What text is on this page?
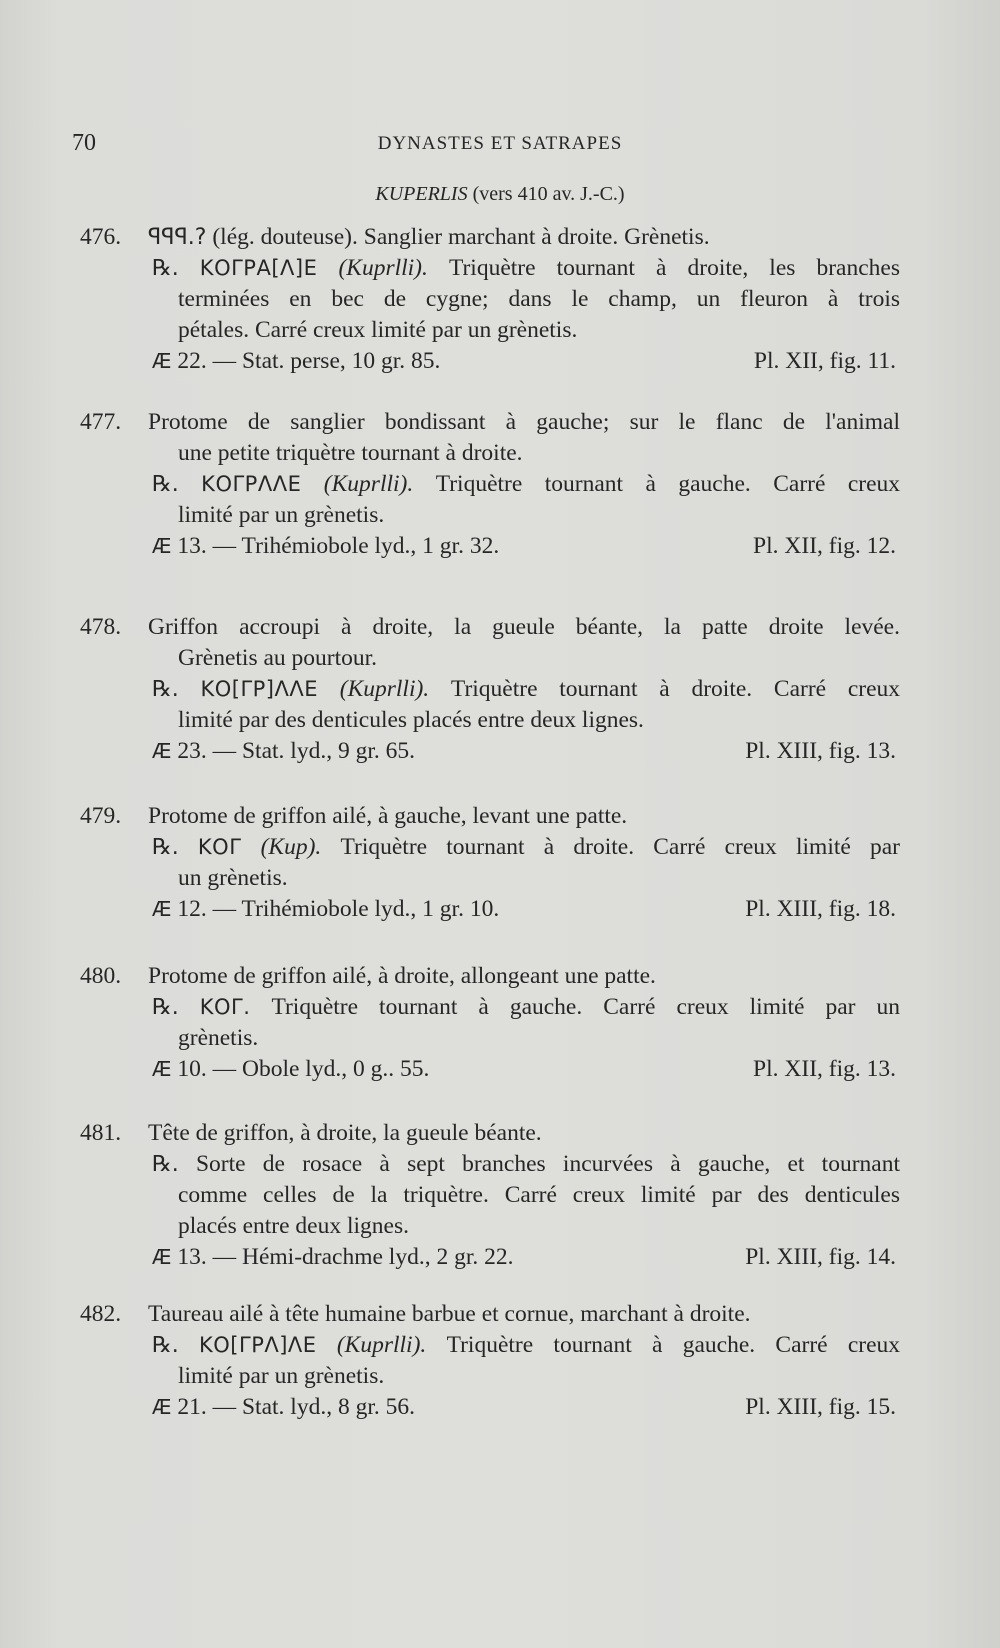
70	DYNASTES ET SATRAPES
KUPERLIS (vers 410 av. J.-C.)
476. ꟼꟼꟼ.? (lég. douteuse). Sanglier marchant à droite. Grènetis.
℞. ΚΟΓΡΑ[Λ]Ε (Kuprlli). Triquètre tournant à droite, les branches
terminées en bec de cygne; dans le champ, un fleuron à trois
pétales. Carré creux limité par un grènetis.
Æ 22. — Stat. perse, 10 gr. 85.	Pl. XII, fig. 11.
477. Protome de sanglier bondissant à gauche; sur le flanc de l'animal
une petite triquètre tournant à droite.
℞. ΚΟΓΡΛΛΕ (Kuprlli). Triquètre tournant à gauche. Carré creux
limité par un grènetis.
Æ 13. — Trihémiobole lyd., 1 gr. 32.	Pl. XII, fig. 12.
478. Griffon accroupi à droite, la gueule béante, la patte droite levée.
Grènetis au pourtour.
℞. ΚΟ[ΓΡ]ΛΛΕ (Kuprlli). Triquètre tournant à droite. Carré creux
limité par des denticules placés entre deux lignes.
Æ 23. — Stat. lyd., 9 gr. 65.	Pl. XIII, fig. 13.
479. Protome de griffon ailé, à gauche, levant une patte.
℞. ΚΟΓ (Kup). Triquètre tournant à droite. Carré creux limité par
un grènetis.
Æ 12. — Trihémiobole lyd., 1 gr. 10.	Pl. XIII, fig. 18.
480. Protome de griffon ailé, à droite, allongeant une patte.
℞. ΚΟΓ. Triquètre tournant à gauche. Carré creux limité par un
grènetis.
Æ 10. — Obole lyd., 0 g.. 55.	Pl. XII, fig. 13.
481. Tête de griffon, à droite, la gueule béante.
℞. Sorte de rosace à sept branches incurvées à gauche, et tournant
comme celles de la triquètre. Carré creux limité par des denticules
placés entre deux lignes.
Æ 13. — Hémi-drachme lyd., 2 gr. 22.	Pl. XIII, fig. 14.
482. Taureau ailé à tête humaine barbue et cornue, marchant à droite.
℞. ΚΟ[ΓΡΛ]ΛΕ (Kuprlli). Triquètre tournant à gauche. Carré creux
limité par un grènetis.
Æ 21. — Stat. lyd., 8 gr. 56.	Pl. XIII, fig. 15.
